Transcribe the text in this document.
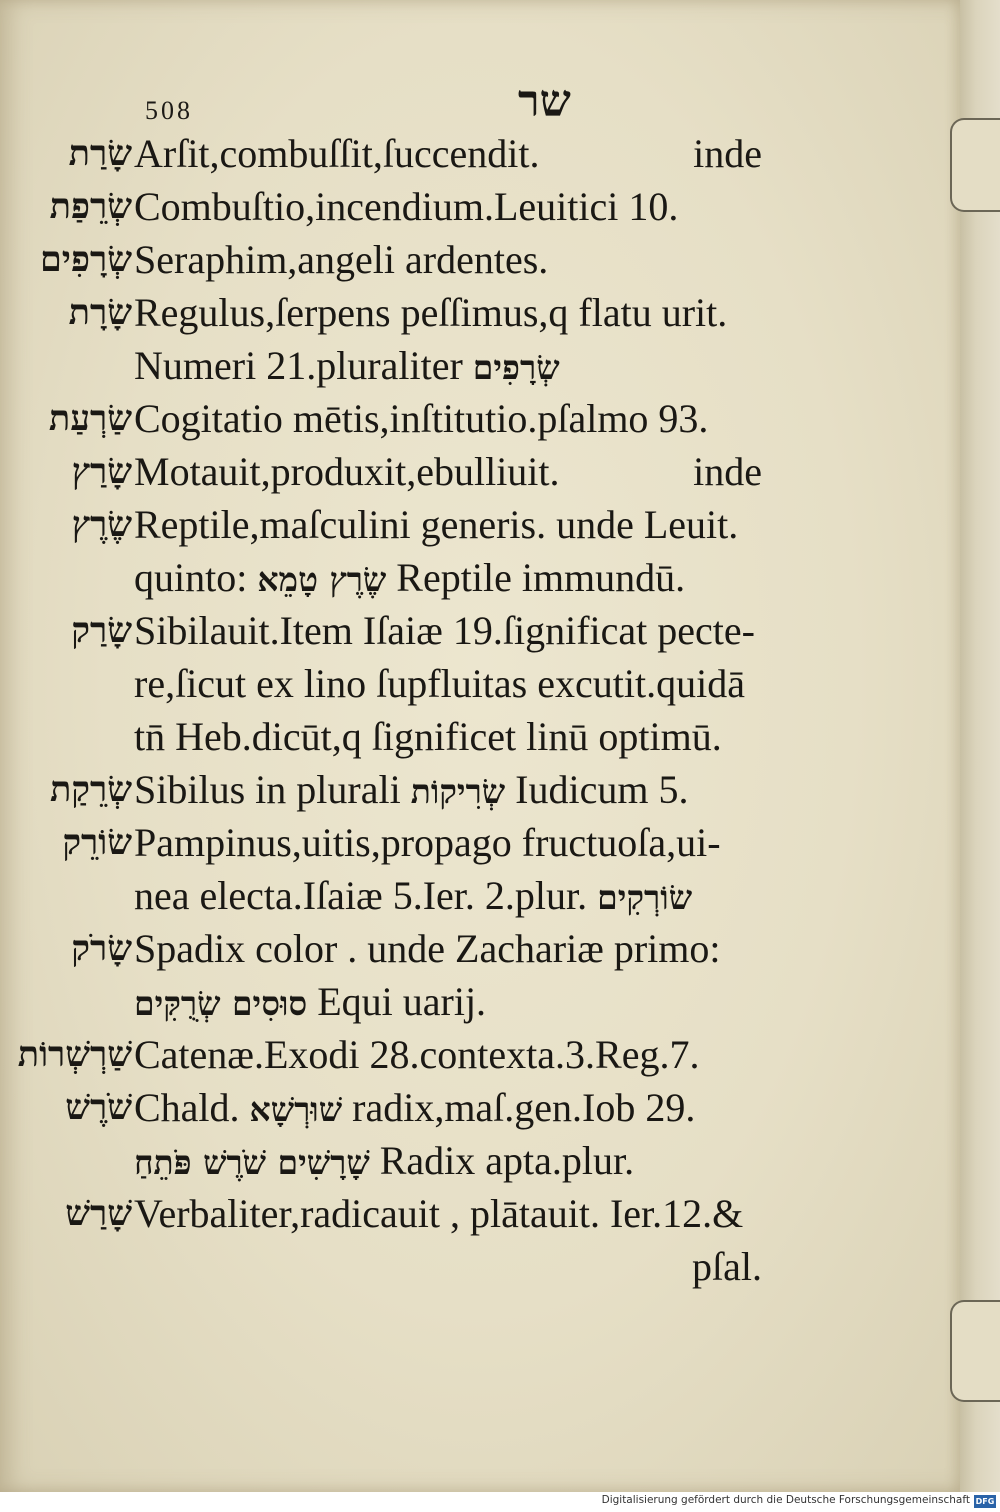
508	שר
שָׂרַת Arſit,combuſſit,ſuccendit.	inde
שְׂרֵפַת Combuſtio,incendium.Leuitici 10.
שְׂרָפִים Seraphim,angeli ardentes.
שָׂרָת Regulus,ſerpens peſſimus,q flatu urit.
Numeri 21.pluraliter שְׂרָפִים
שַׂרְעַת Cogitatio mētis,inſtitutio.pſalmo 93.
שָׂרַץ Motauit,produxit,ebulliuit.	inde
שֶׂרֶץ Reptile,maſculini generis. unde Leuit.
quinto: שֶׂרֶץ טָמֵא Reptile immundū.
שָׂרַק Sibilauit.Item Iſaiæ 19.ſignificat pecte-
re,ſicut ex lino ſupfluitas excutit.quidā
tn̄ Heb.dicūt,q ſignificet linū optimū.
שְׂרֵקַת Sibilus in plurali שְׂרִיקוֹת Iudicum 5.
שׂוֹרֵק Pampinus,uitis,propago fructuoſa,ui-
nea electa.Iſaiæ 5.Ier. 2.plur. שׂוֹרְקִים
שָׂרֹק Spadix color . unde Zachariæ primo:
סוּסִים שְׂרֻקִּים Equi uarij.
שַׁרְשְׁרוֹת Catenæ.Exodi 28.contexta.3.Reg.7.
שֹׁרֶשׁ Chald. שׁוּרְשָׁא radix,maſ.gen.Iob 29.
שָׁרָשִׁים שֹׁרֶשׁ פֹּתֵחַ Radix apta.plur.
שָׁרַשׁ Verbaliter,radicauit , plātauit. Ier.12.&
pſal.
Digitalisierung gefördert durch die Deutsche Forschungsgemeinschaft DFG
